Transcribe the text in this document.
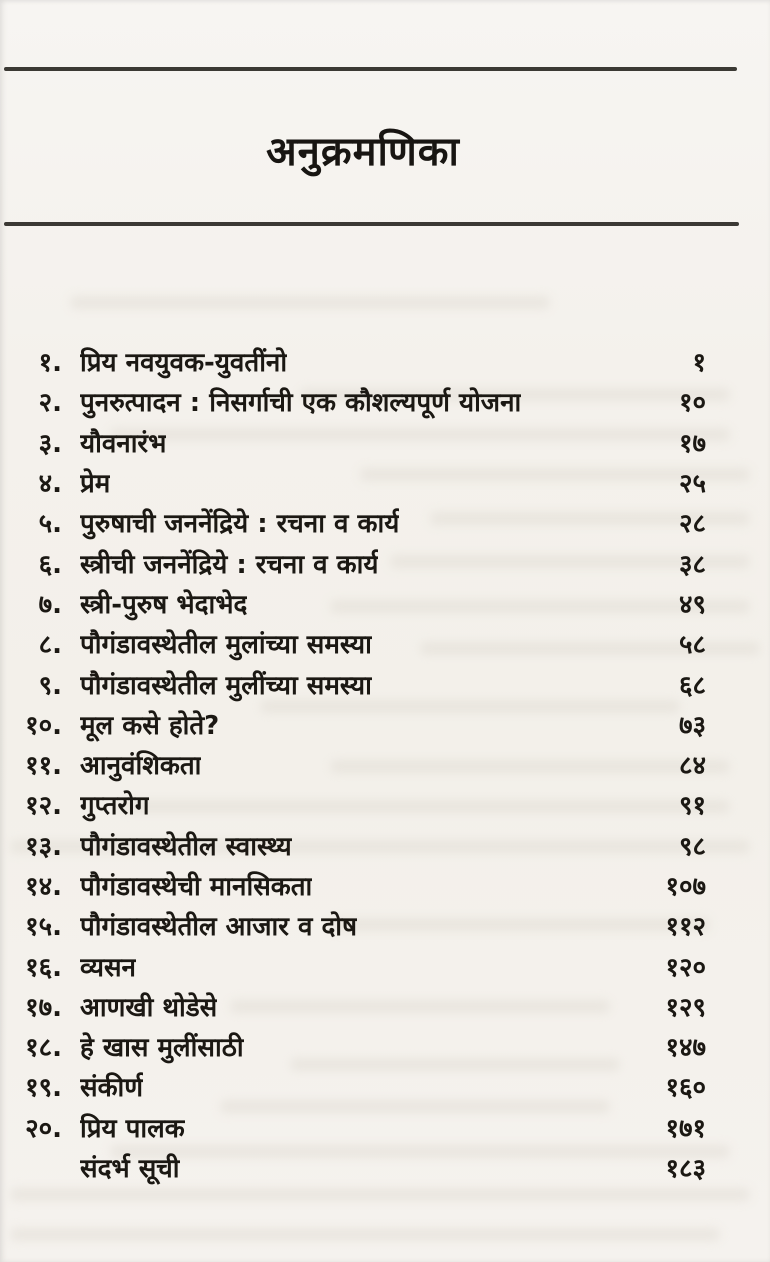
अनुक्रमणिका
१. प्रिय नवयुवक-युवतींनो	१
२. पुनरुत्पादन : निसर्गाची एक कौशल्यपूर्ण योजना	१०
३. यौवनारंभ	१७
४. प्रेम	२५
५. पुरुषाची जननेंद्रिये : रचना व कार्य	२८
६. स्त्रीची जननेंद्रिये : रचना व कार्य	३८
७. स्त्री-पुरुष भेदाभेद	४९
८. पौगंडावस्थेतील मुलांच्या समस्या	५८
९. पौगंडावस्थेतील मुलींच्या समस्या	६८
१०. मूल कसे होते?	७३
११. आनुवंशिकता	८४
१२. गुप्तरोग	९१
१३. पौगंडावस्थेतील स्वास्थ्य	९८
१४. पौगंडावस्थेची मानसिकता	१०७
१५. पौगंडावस्थेतील आजार व दोष	११२
१६. व्यसन	१२०
१७. आणखी थोडेसे	१२९
१८. हे खास मुलींसाठी	१४७
१९. संकीर्ण	१६०
२०. प्रिय पालक	१७१
संदर्भ सूची	१८३
